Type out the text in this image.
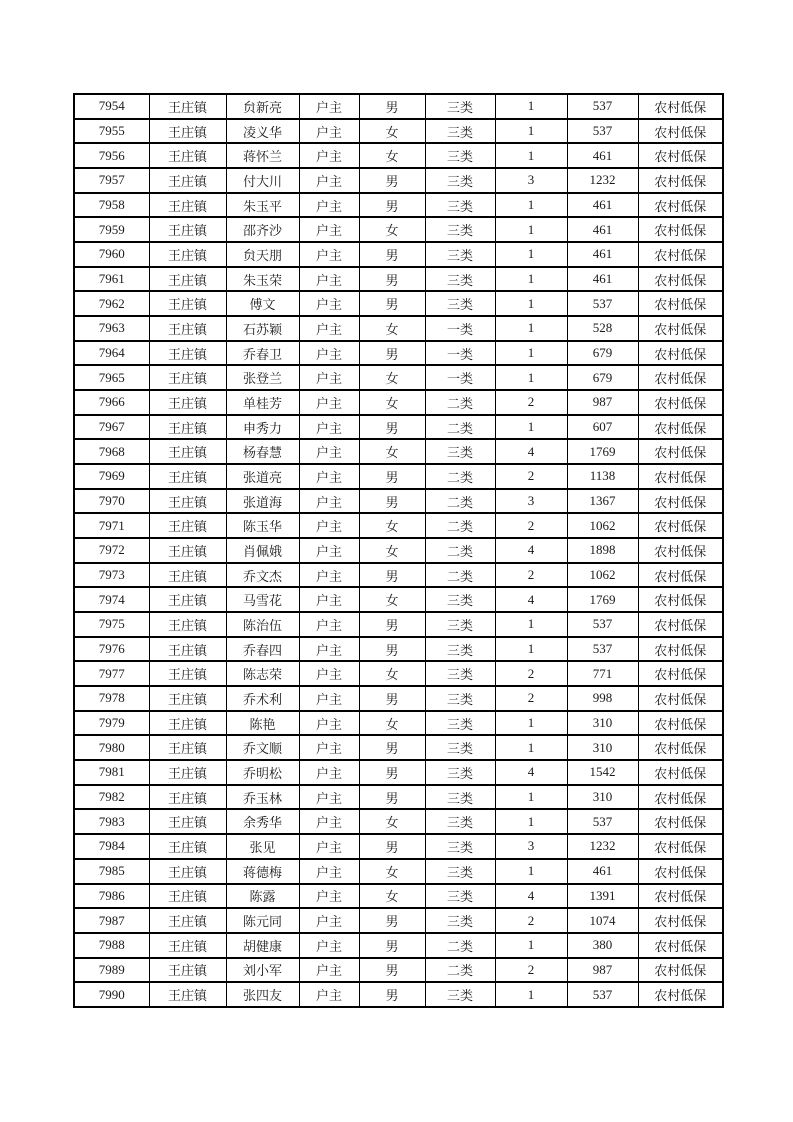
7954	王庄镇	贠新亮	户主	男	三类	1	537	农村低保
7955	王庄镇	凌义华	户主	女	三类	1	537	农村低保
7956	王庄镇	蒋怀兰	户主	女	三类	1	461	农村低保
7957	王庄镇	付大川	户主	男	三类	3	1232	农村低保
7958	王庄镇	朱玉平	户主	男	三类	1	461	农村低保
7959	王庄镇	邵齐沙	户主	女	三类	1	461	农村低保
7960	王庄镇	贠天朋	户主	男	三类	1	461	农村低保
7961	王庄镇	朱玉荣	户主	男	三类	1	461	农村低保
7962	王庄镇	傅文	户主	男	三类	1	537	农村低保
7963	王庄镇	石苏颖	户主	女	一类	1	528	农村低保
7964	王庄镇	乔春卫	户主	男	一类	1	679	农村低保
7965	王庄镇	张登兰	户主	女	一类	1	679	农村低保
7966	王庄镇	单桂芳	户主	女	二类	2	987	农村低保
7967	王庄镇	申秀力	户主	男	二类	1	607	农村低保
7968	王庄镇	杨春慧	户主	女	三类	4	1769	农村低保
7969	王庄镇	张道亮	户主	男	二类	2	1138	农村低保
7970	王庄镇	张道海	户主	男	二类	3	1367	农村低保
7971	王庄镇	陈玉华	户主	女	二类	2	1062	农村低保
7972	王庄镇	肖佩娥	户主	女	二类	4	1898	农村低保
7973	王庄镇	乔文杰	户主	男	二类	2	1062	农村低保
7974	王庄镇	马雪花	户主	女	三类	4	1769	农村低保
7975	王庄镇	陈治伍	户主	男	三类	1	537	农村低保
7976	王庄镇	乔春四	户主	男	三类	1	537	农村低保
7977	王庄镇	陈志荣	户主	女	三类	2	771	农村低保
7978	王庄镇	乔术利	户主	男	三类	2	998	农村低保
7979	王庄镇	陈艳	户主	女	三类	1	310	农村低保
7980	王庄镇	乔文顺	户主	男	三类	1	310	农村低保
7981	王庄镇	乔明松	户主	男	三类	4	1542	农村低保
7982	王庄镇	乔玉林	户主	男	三类	1	310	农村低保
7983	王庄镇	余秀华	户主	女	三类	1	537	农村低保
7984	王庄镇	张见	户主	男	三类	3	1232	农村低保
7985	王庄镇	蒋德梅	户主	女	三类	1	461	农村低保
7986	王庄镇	陈露	户主	女	三类	4	1391	农村低保
7987	王庄镇	陈元同	户主	男	三类	2	1074	农村低保
7988	王庄镇	胡健康	户主	男	二类	1	380	农村低保
7989	王庄镇	刘小军	户主	男	二类	2	987	农村低保
7990	王庄镇	张四友	户主	男	三类	1	537	农村低保
